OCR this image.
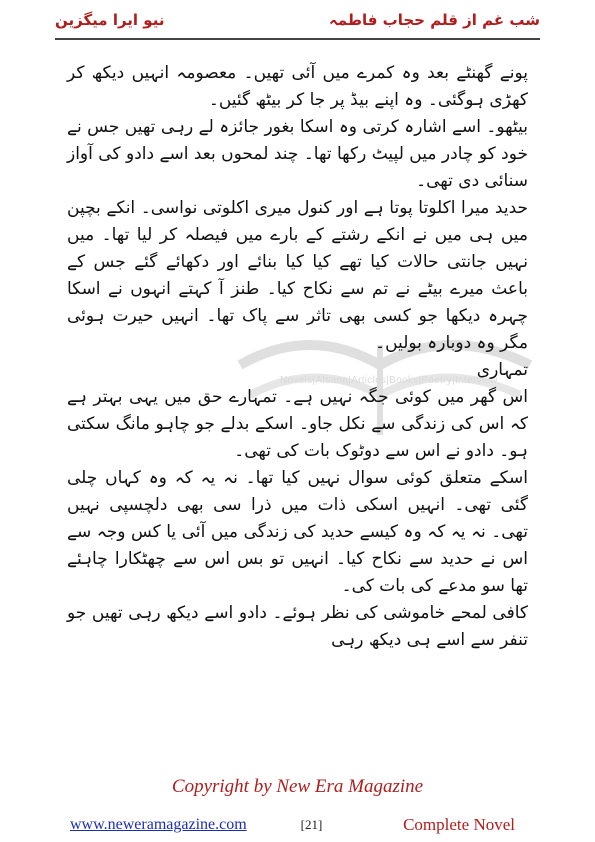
شب غم از قلم حجاب فاطمہ
نیو ایرا میگزین
Novels|Afsana|Articles|Books|Poetry|Interview

پونے گھنٹے بعد وہ کمرے میں آئی تھیں۔ معصومہ انہیں دیکھ کر کھڑی ہوگئی۔ وہ اپنے بیڈ پر جا کر بیٹھ گئیں۔

بیٹھو۔ اسے اشارہ کرتی وہ اسکا بغور جائزہ لے رہی تھیں جس نے خود کو چادر میں لپیٹ رکھا تھا۔ چند لمحوں بعد اسے دادو کی آواز سنائی دی تھی۔

حدید میرا اکلوتا پوتا ہے اور کنول میری اکلوتی نواسی۔ انکے بچپن میں ہی میں نے انکے رشتے کے بارے میں فیصلہ کر لیا تھا۔ میں نہیں جانتی حالات کیا تھے کیا کیا بنائے اور دکھائے گئے جس کے باعث میرے بیٹے نے تم سے نکاح کیا۔ طنز آ کہتے انہوں نے اسکا چہرہ دیکھا جو کسی بھی تاثر سے پاک تھا۔ انہیں حیرت ہوئی مگر وہ دوبارہ بولیں۔

تمہاری

اس گھر میں کوئی جگہ نہیں ہے۔ تمہارے حق میں یہی بہتر ہے کہ اس کی زندگی سے نکل جاو۔ اسکے بدلے جو چاہو مانگ سکتی ہو۔ دادو نے اس سے دوٹوک بات کی تھی۔

اسکے متعلق کوئی سوال نہیں کیا تھا۔ نہ یہ کہ وہ کہاں چلی گئی تھی۔ انہیں اسکی ذات میں ذرا سی بھی دلچسپی نہیں تھی۔ نہ یہ کہ وہ کیسے حدید کی زندگی میں آئی یا کس وجہ سے اس نے حدید سے نکاح کیا۔ انہیں تو بس اس سے چھٹکارا چاہئے تھا سو مدعے کی بات کی۔

کافی لمحے خاموشی کی نظر ہوئے۔ دادو اسے دیکھ رہی تھیں جو تنفر سے اسے ہی دیکھ رہی

Copyright by New Era Magazine
www.neweramagazine.com	[21]	Complete Novel
